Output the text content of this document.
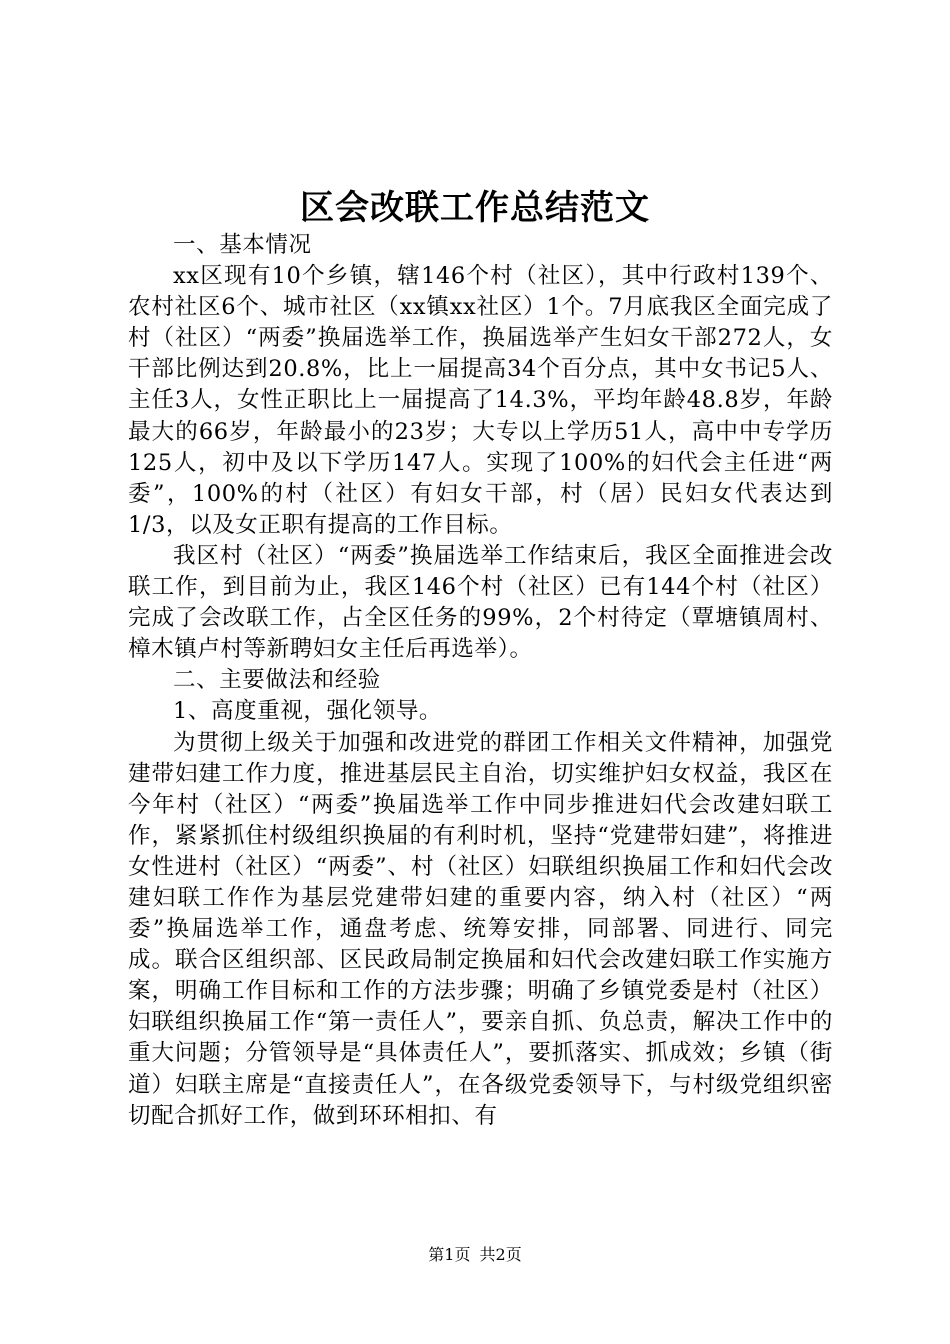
区会改联工作总结范文

一、基本情况

xx区现有10个乡镇，辖146个村（社区），其中行政村139个、农村社区6个、城市社区（xx镇xx社区）1个。7月底我区全面完成了村（社区）“两委”换届选举工作，换届选举产生妇女干部272人，女干部比例达到20.8%，比上一届提高34个百分点，其中女书记5人、主任3人，女性正职比上一届提高了14.3%，平均年龄48.8岁，年龄最大的66岁，年龄最小的23岁；大专以上学历51人，高中中专学历125人，初中及以下学历147人。实现了100%的妇代会主任进“两委”，100%的村（社区）有妇女干部，村（居）民妇女代表达到1/3，以及女正职有提高的工作目标。

我区村（社区）“两委”换届选举工作结束后，我区全面推进会改联工作，到目前为止，我区146个村（社区）已有144个村（社区）完成了会改联工作，占全区任务的99%，2个村待定（覃塘镇周村、樟木镇卢村等新聘妇女主任后再选举）。

二、主要做法和经验

1、高度重视，强化领导。

为贯彻上级关于加强和改进党的群团工作相关文件精神，加强党建带妇建工作力度，推进基层民主自治，切实维护妇女权益，我区在今年村（社区）“两委”换届选举工作中同步推进妇代会改建妇联工作，紧紧抓住村级组织换届的有利时机，坚持“党建带妇建”，将推进女性进村（社区）“两委”、村（社区）妇联组织换届工作和妇代会改建妇联工作作为基层党建带妇建的重要内容，纳入村（社区）“两委”换届选举工作，通盘考虑、统筹安排，同部署、同进行、同完成。联合区组织部、区民政局制定换届和妇代会改建妇联工作实施方案，明确工作目标和工作的方法步骤；明确了乡镇党委是村（社区）妇联组织换届工作“第一责任人”，要亲自抓、负总责，解决工作中的重大问题；分管领导是“具体责任人”，要抓落实、抓成效；乡镇（街道）妇联主席是“直接责任人”，在各级党委领导下，与村级党组织密切配合抓好工作，做到环环相扣、有

第1页 共2页
